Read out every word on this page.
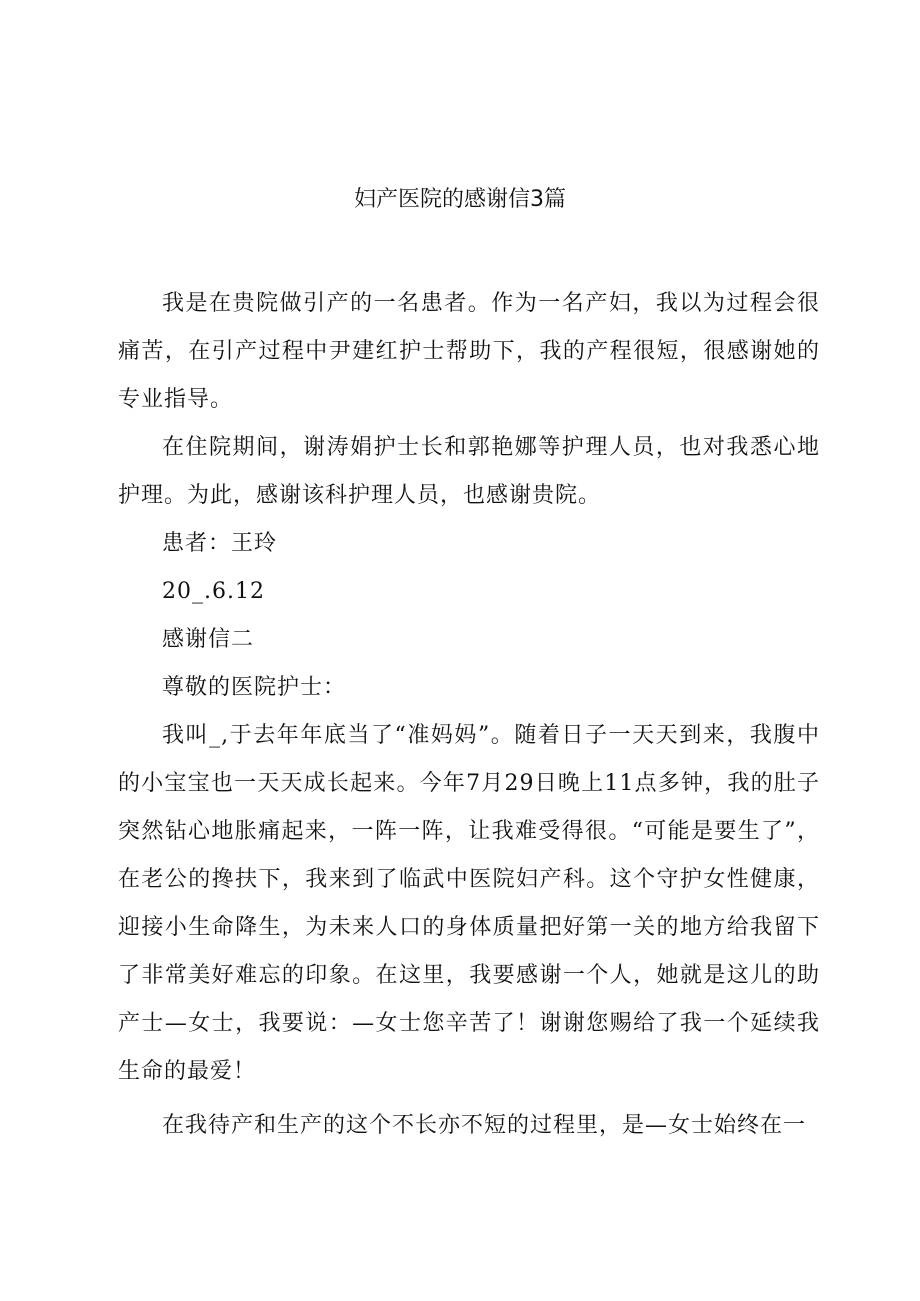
妇产医院的感谢信3篇

我是在贵院做引产的一名患者。作为一名产妇，我以为过程会很痛苦，在引产过程中尹建红护士帮助下，我的产程很短，很感谢她的专业指导。

在住院期间，谢涛娟护士长和郭艳娜等护理人员，也对我悉心地护理。为此，感谢该科护理人员，也感谢贵院。

患者：王玲

20_.6.12

感谢信二

尊敬的医院护士：

我叫_,于去年年底当了“准妈妈”。随着日子一天天到来，我腹中的小宝宝也一天天成长起来。今年7月29日晚上11点多钟，我的肚子突然钻心地胀痛起来，一阵一阵，让我难受得很。“可能是要生了”，在老公的搀扶下，我来到了临武中医院妇产科。这个守护女性健康，迎接小生命降生，为未来人口的身体质量把好第一关的地方给我留下了非常美好难忘的印象。在这里，我要感谢一个人，她就是这儿的助产士—女士，我要说：—女士您辛苦了！谢谢您赐给了我一个延续我生命的最爱！

在我待产和生产的这个不长亦不短的过程里，是—女士始终在一
